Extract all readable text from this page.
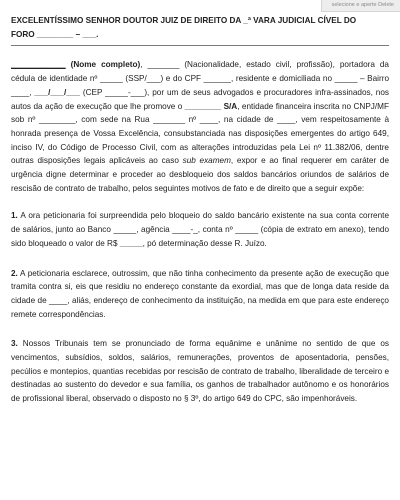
selecione e aperte Delete
EXCELENTÍSSIMO SENHOR DOUTOR JUIZ DE DIREITO DA _ª VARA JUDICIAL CÍVEL DO
FORO ________ – ___.

____________ (Nome completo), _______ (Nacionalidade, estado civil, profissão), portadora da cédula de identidade nº _____ (SSP/___) e do CPF ______, residente e domiciliada no _____ – Bairro ____, ___/___/___ (CEP _____-___), por um de seus advogados e procuradores infra-assinados, nos autos da ação de execução que lhe promove o ________ S/A, entidade financeira inscrita no CNPJ/MF sob nº ________, com sede na Rua _______ nº ____, na cidade de ____, vem respeitosamente à honrada presença de Vossa Excelência, consubstanciada nas disposições emergentes do artigo 649, inciso IV, do Código de Processo Civil, com as alterações introduzidas pela Lei nº 11.382/06, dentre outras disposições legais aplicáveis ao caso sub examem, expor e ao final requerer em caráter de urgência digne determinar e proceder ao desbloqueio dos saldos bancários oriundos de salários de rescisão de contrato de trabalho, pelos seguintes motivos de fato e de direito que a seguir expõe:

1. A ora peticionaria foi surpreendida pelo bloqueio do saldo bancário existente na sua conta corrente de salários, junto ao Banco _____, agência ____-_, conta nº _____ (cópia de extrato em anexo), tendo sido bloqueado o valor de R$ _____, pó determinação desse R. Juízo.

2. A peticionaria esclarece, outrossim, que não tinha conhecimento da presente ação de execução que tramita contra si, eis que residiu no endereço constante da exordial, mas que de longa data reside da cidade de ____, aliás, endereço de conhecimento da instituição, na medida em que para este endereço remete correspondências.

3. Nossos Tribunais tem se pronunciado de forma equânime e unânime no sentido de que os vencimentos, subsídios, soldos, salários, remunerações, proventos de aposentadoria, pensões, pecúlios e montepios, quantias recebidas por rescisão de contrato de trabalho, liberalidade de terceiro e destinadas ao sustento do devedor e sua família, os ganhos de trabalhador autônomo e os honorários de profissional liberal, observado o disposto no § 3º, do artigo 649 do CPC, são impenhoráveis.
